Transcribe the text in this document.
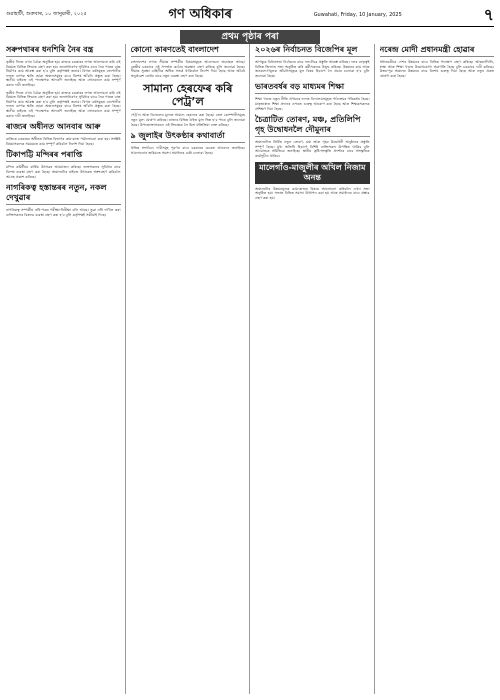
গুৱাহাটী, শুক্ৰবাৰ, ১০ জানুৱাৰী, ২০২৫	গণ অধিকাৰ	Guwahati, Friday, 10 January, 2025	৭
প্ৰথম পৃষ্ঠাৰ পৰা
সৰুপথাৰৰ ধনশিৰি নৈৰ বন্ত্ৰ

তৃতীয় দিনত এখন বৈঠক অনুষ্ঠিত হয়। ৰাজ্যৰ চৰকাৰৰ লগত আলোচনা কৰি এই বিষয়ত বিভিন্ন সিদ্ধান্ত গ্ৰহণ কৰা হয়। জনসাধাৰণৰ সুবিধাৰ বাবে নৈৰ পাৰত বান্ধ নিৰ্মাণৰ কাম আৰম্ভ কৰা হ’ব বুলি কৰ্তৃপক্ষই জনায়। বিগত বৰ্ষসমূহত বানপানীৰ ফলত ব্যাপক ক্ষতি হোৱা অঞ্চলসমূহৰ বাবে বিশেষ আঁচনি প্ৰস্তুত কৰা হৈছে। স্থানীয় ৰাইজে এই পদক্ষেপক আদৰণি জনাইছে আৰু সোনকালে কাম সম্পূৰ্ণ কৰাৰ দাবী জনাইছে।

তৃতীয় দিনত এখন বৈঠক অনুষ্ঠিত হয়। ৰাজ্যৰ চৰকাৰৰ লগত আলোচনা কৰি এই বিষয়ত বিভিন্ন সিদ্ধান্ত গ্ৰহণ কৰা হয়। জনসাধাৰণৰ সুবিধাৰ বাবে নৈৰ পাৰত বান্ধ নিৰ্মাণৰ কাম আৰম্ভ কৰা হ’ব বুলি কৰ্তৃপক্ষই জনায়। বিগত বৰ্ষসমূহত বানপানীৰ ফলত ব্যাপক ক্ষতি হোৱা অঞ্চলসমূহৰ বাবে বিশেষ আঁচনি প্ৰস্তুত কৰা হৈছে। স্থানীয় ৰাইজে এই পদক্ষেপক আদৰণি জনাইছে আৰু সোনকালে কাম সম্পূৰ্ণ কৰাৰ দাবী জনাইছে।

ৰাজ্যৰ অধীনত আনবাৰ আৰু

ৰাজ্যিক চৰকাৰৰ অধীনত বিভিন্ন বিভাগৰ কাম-কাজ পৰ্যালোচনা কৰা হয়। সংশ্লিষ্ট বিষয়াসকলক সময়মতে কাম সম্পূৰ্ণ কৰিবলৈ নিৰ্দেশ দিয়া হৈছে।

টিকাপট্টি মন্দিৰৰ পৰাপ্তি

মন্দিৰ কমিটীয়ে বাৰ্ষিক উৎসৱৰ আয়োজন কৰিছে। ভক্তসকলৰ সুবিধাৰ বাবে বিশেষ ব্যৱস্থা গ্ৰহণ কৰা হৈছে। অঞ্চলটোৰ ৰাইজে উৎসৱত অংশগ্ৰহণ কৰিবলৈ আগ্ৰহ প্ৰকাশ কৰিছে।

নাগৰিকত্ব হস্তান্তৰৰ নতুন, নকল দেখুৱাৰ

নাগৰিকত্ব সম্পৰ্কীয় নথি-পত্ৰৰ পৰীক্ষা-নিৰীক্ষা চলি আছে। ভুৱা নথি দাখিল কৰা ব্যক্তিসকলৰ বিৰুদ্ধে ব্যৱস্থা গ্ৰহণ কৰা হ’ব বুলি কৰ্তৃপক্ষই সকীয়াই দিছে।

কোনো কাৰণতেই বাংলাদেশ

বাংলাদেশৰ লগত সীমান্ত সম্পৰ্কীয় বিষয়সমূহত আলোচনা অব্যাহত আছে। কেন্দ্ৰীয় চৰকাৰে এই সন্দৰ্ভত কঠোৰ অৱস্থান গ্ৰহণ কৰিছে বুলি জনোৱা হৈছে। সীমান্ত সুৰক্ষা বাহিনীক অধিক সতৰ্ক থাকিবলৈ নিৰ্দেশ দিয়া হৈছে আৰু অবৈধ অনুপ্ৰৱেশ ৰোধৰ বাবে নতুন ব্যৱস্থা গ্ৰহণ কৰা হৈছে।

সামান্য হেৰফেৰ কৰি পেট্ৰ’ল

পেট্ৰ’ল আৰু ডিজেলৰ মূল্যত সামান্য হেৰফেৰ কৰা হৈছে। তেল কোম্পানীসমূহে নতুন মূল্য ঘোষণা কৰিছে। ৰাজ্যৰ বিভিন্ন ঠাইত মূল্য ভিন্ন হ’ব পাৰে বুলি জনোৱা হৈছে। উপভোক্তাসকলে এই সিদ্ধান্তক লৈ মিশ্ৰ প্ৰতিক্ৰিয়া ব্যক্ত কৰিছে।

৯ জুলাইৰ উৎকণ্ঠাৰ কথাবাৰ্তা

বিভিন্ন সংগঠনে দাবীসমূহ পূৰণৰ বাবে চৰকাৰৰ ওচৰত আবেদন জনাইছে। আলোচনাৰ জৰিয়তে সমস্যা সমাধানৰ চেষ্টা চলোৱা হৈছে।

২০২৬ৰ নিৰ্বাচনত বিজেপিৰ মূল

আগন্তুক বিধানসভা নিৰ্বাচনৰ বাবে দলটোৱে প্ৰস্তুতি আৰম্ভ কৰিছে। দলৰ নেতৃত্বই বিভিন্ন জিলাত সভা অনুষ্ঠিত কৰি কৰ্মীসকলক উদ্বুদ্ধ কৰিছে। উন্নয়নৰ কাম আৰু জনকল্যাণমূলক আঁচনিসমূহক মূল বিষয় হিচাপে লৈ প্ৰচাৰ চলোৱা হ’ব বুলি জনোৱা হৈছে।

ভাৰতবৰ্ষৰ বড় মাধ্যমৰ শিক্ষা

শিক্ষা খণ্ডত নতুন নীতি প্ৰণয়নৰ ফলত বিদ্যালয়সমূহত পাঠ্যক্ৰমৰ পৰিৱৰ্তন হৈছে। মাতৃভাষাত শিক্ষা প্ৰদানৰ ওপৰত গুৰুত্ব আৰোপ কৰা হৈছে আৰু শিক্ষকসকলক প্ৰশিক্ষণ দিয়া হৈছে।

চৈত্ৰাটিত তোৰণ, মঞ্চ, প্ৰতিলিপি গৃহ উদ্বোধনলৈ দৌমুনাৰ

অঞ্চলটোত নিৰ্মিত নতুন তোৰণ, মঞ্চ আৰু গৃহৰ উদ্বোধনী অনুষ্ঠানৰ প্ৰস্তুতি সম্পূৰ্ণ হৈছে। মুখ্য অতিথি হিচাপে বিশিষ্ট ব্যক্তিসকল উপস্থিত থাকিব বুলি আয়োজক সমিতিয়ে জনাইছে। স্থানীয় কৃষ্টি-সংস্কৃতি প্ৰদৰ্শনৰ বাবে সাংস্কৃতিক কাৰ্যসূচীও থাকিব।

মালেগাঁও-মাজুলীৰ অখিল নিজাম অনন্ত

অঞ্চলটোৰ উন্নয়নমূলক কাম-কাজৰ বিষয়ে আলোচনা কৰিবলৈ এখন সভা অনুষ্ঠিত হয়। সভাত বিভিন্ন সমস্যা উত্থাপন কৰা হয় আৰু সমাধানৰ বাবে প্ৰস্তাৱ গ্ৰহণ কৰা হয়।

নৰেন্দ্ৰ মোদী প্ৰধানমন্ত্ৰী হোৱাৰ

প্ৰধানমন্ত্ৰীয়ে দেশৰ উন্নয়নৰ বাবে বিভিন্ন পদক্ষেপ গ্ৰহণ কৰিছে। আন্তঃগাঁথনি, স্বাস্থ্য আৰু শিক্ষা খণ্ডত উল্লেখযোগ্য অগ্ৰগতি হৈছে বুলি চৰকাৰে দাবী কৰিছে। উত্তৰ-পূৱ অঞ্চলৰ উন্নয়নৰ বাবে বিশেষ গুৰুত্ব দিয়া হৈছে আৰু নতুন প্ৰকল্প ঘোষণা কৰা হৈছে।
